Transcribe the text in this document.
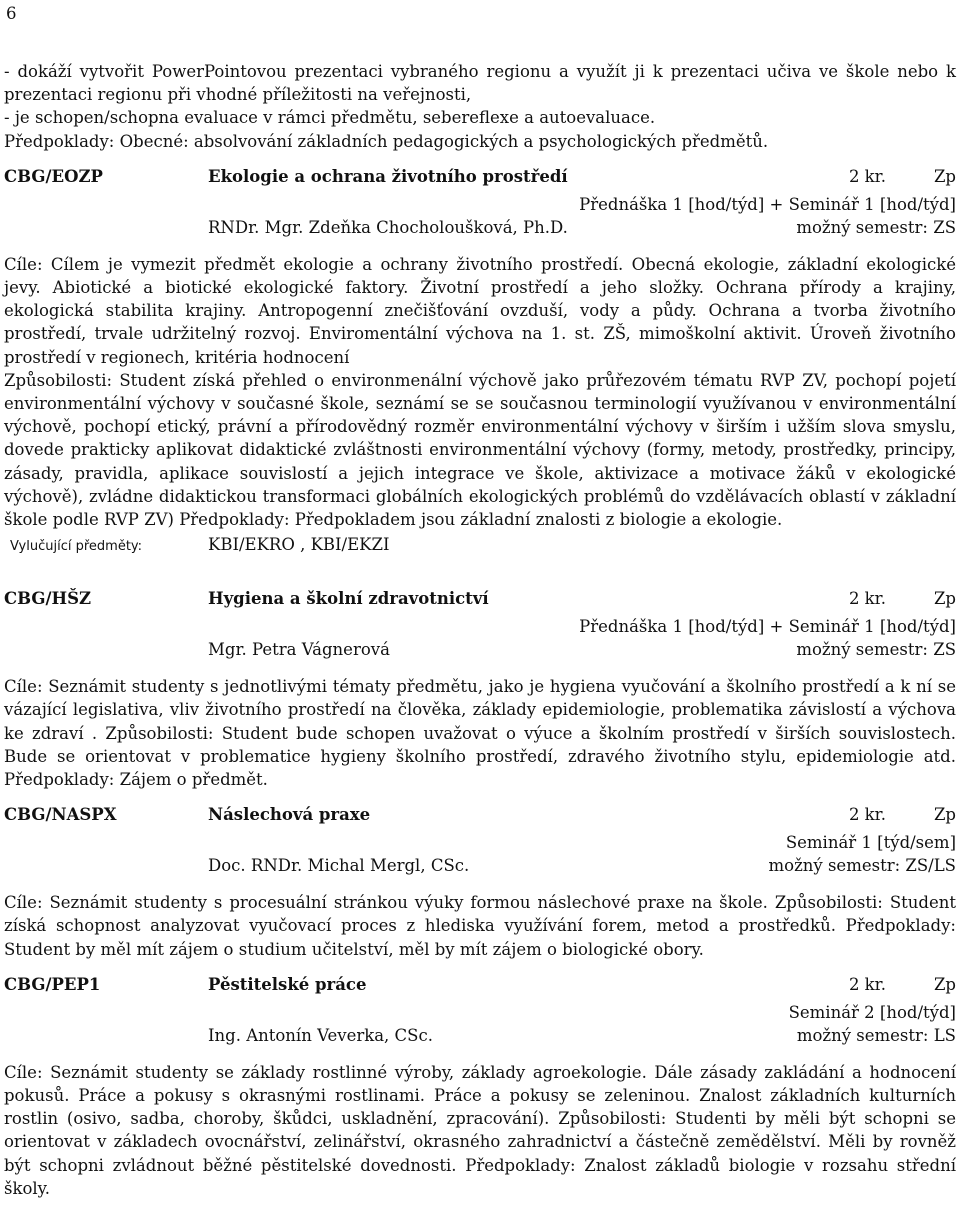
6

- dokáží vytvořit PowerPointovou prezentaci vybraného regionu a využít ji k prezentaci učiva ve škole nebo k prezentaci regionu při vhodné příležitosti na veřejnosti,

- je schopen/schopna evaluace v rámci předmětu, sebereflexe a autoevaluace.

Předpoklady: Obecné: absolvování základních pedagogických a psychologických předmětů.

CBG/EOZP	Ekologie a ochrana životního prostředí	2 kr.	Zp
Přednáška 1 [hod/týd] + Seminář 1 [hod/týd]
RNDr. Mgr. Zdeňka Chocholoušková, Ph.D.	možný semestr: ZS

Cíle: Cílem je vymezit předmět ekologie a ochrany životního prostředí. Obecná ekologie, základní ekologické jevy. Abiotické a biotické ekologické faktory. Životní prostředí a jeho složky. Ochrana přírody a krajiny, ekologická stabilita krajiny. Antropogenní znečišťování ovzduší, vody a půdy. Ochrana a tvorba životního prostředí, trvale udržitelný rozvoj. Enviromentální výchova na 1. st. ZŠ, mimoškolní aktivit. Úroveň životního prostředí v regionech, kritéria hodnocení

Způsobilosti: Student získá přehled o environmenální výchově jako průřezovém tématu RVP ZV, pochopí pojetí environmentální výchovy v současné škole, seznámí se se současnou terminologií využívanou v environmentální výchově, pochopí etický, právní a přírodovědný rozměr environmentální výchovy v širším i užším slova smyslu, dovede prakticky aplikovat didaktické zvláštnosti environmentální výchovy (formy, metody, prostředky, principy, zásady, pravidla, aplikace souvislostí a jejich integrace ve škole, aktivizace a motivace žáků v ekologické výchově), zvládne didaktickou transformaci globálních ekologických problémů do vzdělávacích oblastí v základní škole podle RVP ZV) Předpoklady: Předpokladem jsou základní znalosti z biologie a ekologie.

Vylučující předměty:	KBI/EKRO , KBI/EKZI
CBG/HŠZ	Hygiena a školní zdravotnictví	2 kr.	Zp
Přednáška 1 [hod/týd] + Seminář 1 [hod/týd]
Mgr. Petra Vágnerová	možný semestr: ZS

Cíle: Seznámit studenty s jednotlivými tématy předmětu, jako je hygiena vyučování a školního prostředí a k ní se vázající legislativa, vliv životního prostředí na člověka, základy epidemiologie, problematika závislostí a výchova ke zdraví . Způsobilosti: Student bude schopen uvažovat o výuce a školním prostředí v širších souvislostech. Bude se orientovat v problematice hygieny školního prostředí, zdravého životního stylu, epidemiologie atd. Předpoklady: Zájem o předmět.

CBG/NASPX	Náslechová praxe	2 kr.	Zp
Seminář 1 [týd/sem]
Doc. RNDr. Michal Mergl, CSc.	možný semestr: ZS/LS

Cíle: Seznámit studenty s procesuální stránkou výuky formou náslechové praxe na škole. Způsobilosti: Student získá schopnost analyzovat vyučovací proces z hlediska využívání forem, metod a prostředků. Předpoklady: Student by měl mít zájem o studium učitelství, měl by mít zájem o biologické obory.

CBG/PEP1	Pěstitelské práce	2 kr.	Zp
Seminář 2 [hod/týd]
Ing. Antonín Veverka, CSc.	možný semestr: LS

Cíle: Seznámit studenty se základy rostlinné výroby, základy agroekologie. Dále zásady zakládání a hodnocení pokusů. Práce a pokusy s okrasnými rostlinami. Práce a pokusy se zeleninou. Znalost základních kulturních rostlin (osivo, sadba, choroby, škůdci, uskladnění, zpracování). Způsobilosti: Studenti by měli být schopni se orientovat v základech ovocnářství, zelinářství, okrasného zahradnictví a částečně zemědělství. Měli by rovněž být schopni zvládnout běžné pěstitelské dovednosti. Předpoklady: Znalost základů biologie v rozsahu střední školy.
